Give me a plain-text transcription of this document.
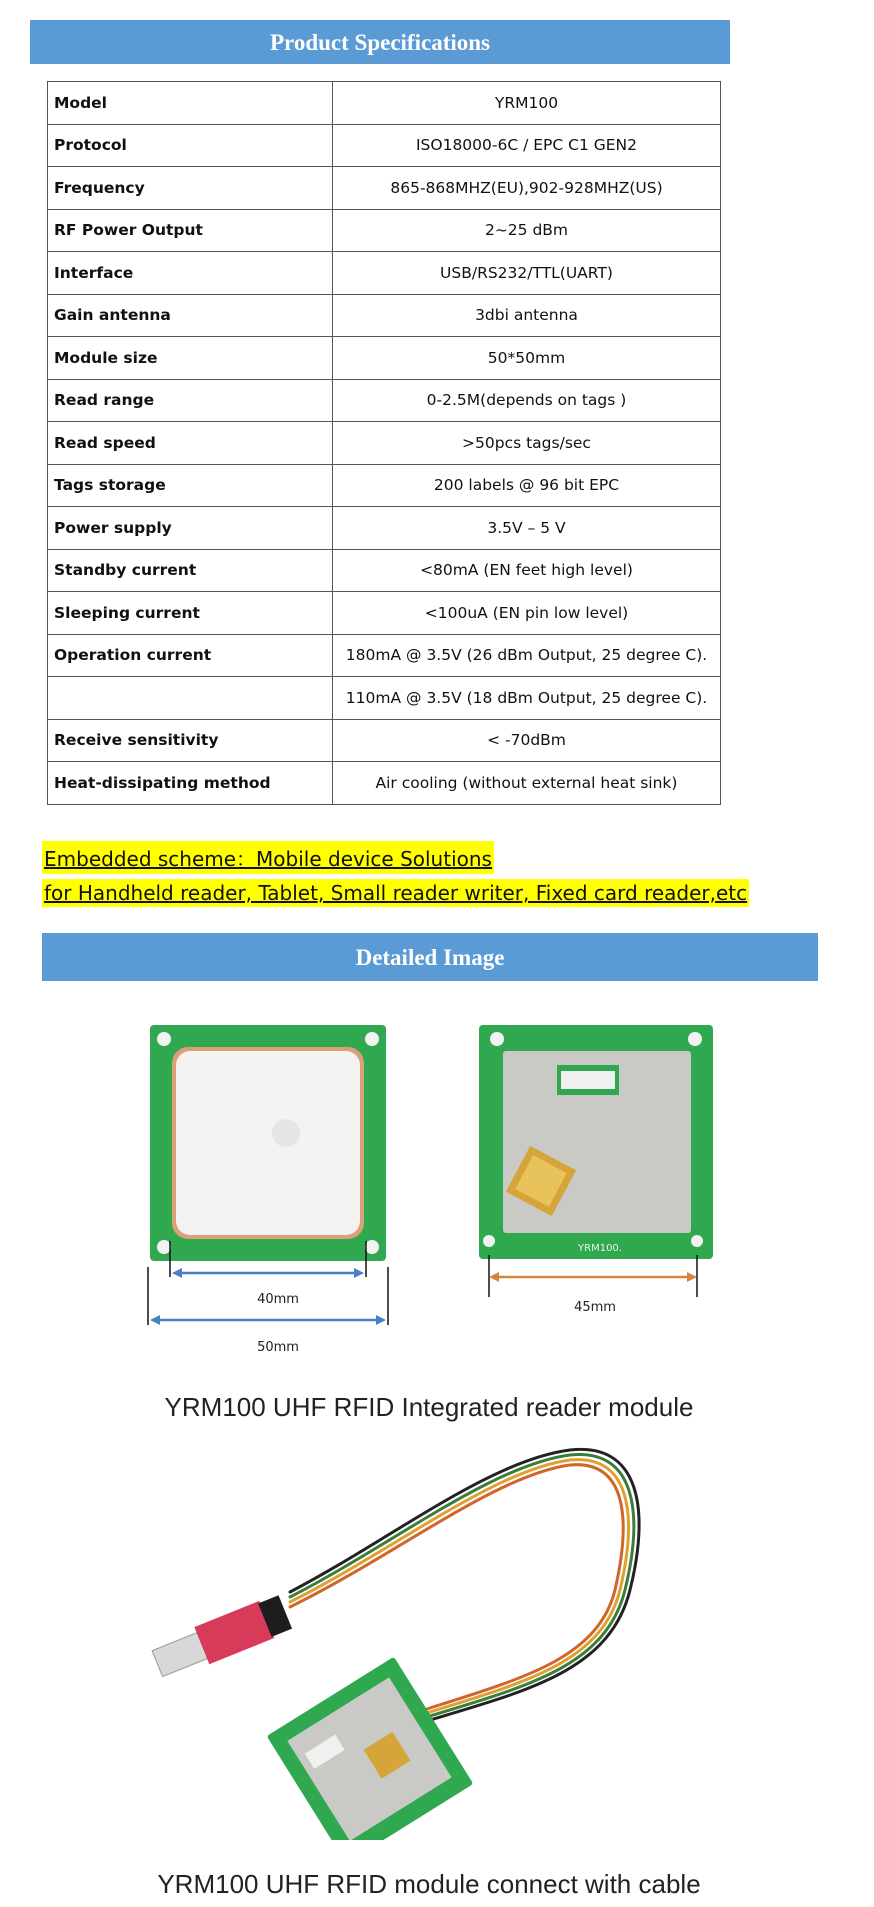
Product Specifications
Model	YRM100
Protocol	ISO18000-6C / EPC C1 GEN2
Frequency	865-868MHZ(EU),902-928MHZ(US)
RF Power Output	2~25 dBm
Interface	USB/RS232/TTL(UART)
Gain antenna	3dbi antenna
Module size	50*50mm
Read range	0-2.5M(depends on tags )
Read speed	>50pcs tags/sec
Tags storage	200 labels @ 96 bit EPC
Power supply	3.5V – 5 V
Standby current	<80mA (EN feet high level)
Sleeping current	<100uA (EN pin low level)
Operation current	180mA @ 3.5V (26 dBm Output, 25 degree C).
	110mA @ 3.5V (18 dBm Output, 25 degree C).
Receive sensitivity	< -70dBm
Heat-dissipating method	Air cooling (without external heat sink)
Embedded scheme：Mobile device Solutions
for Handheld reader, Tablet, Small reader writer, Fixed card reader,etc
Detailed Image
40mm
50mm
YRM100.
45mm
YRM100 UHF RFID Integrated reader module
YRM100 UHF RFID module connect with cable
